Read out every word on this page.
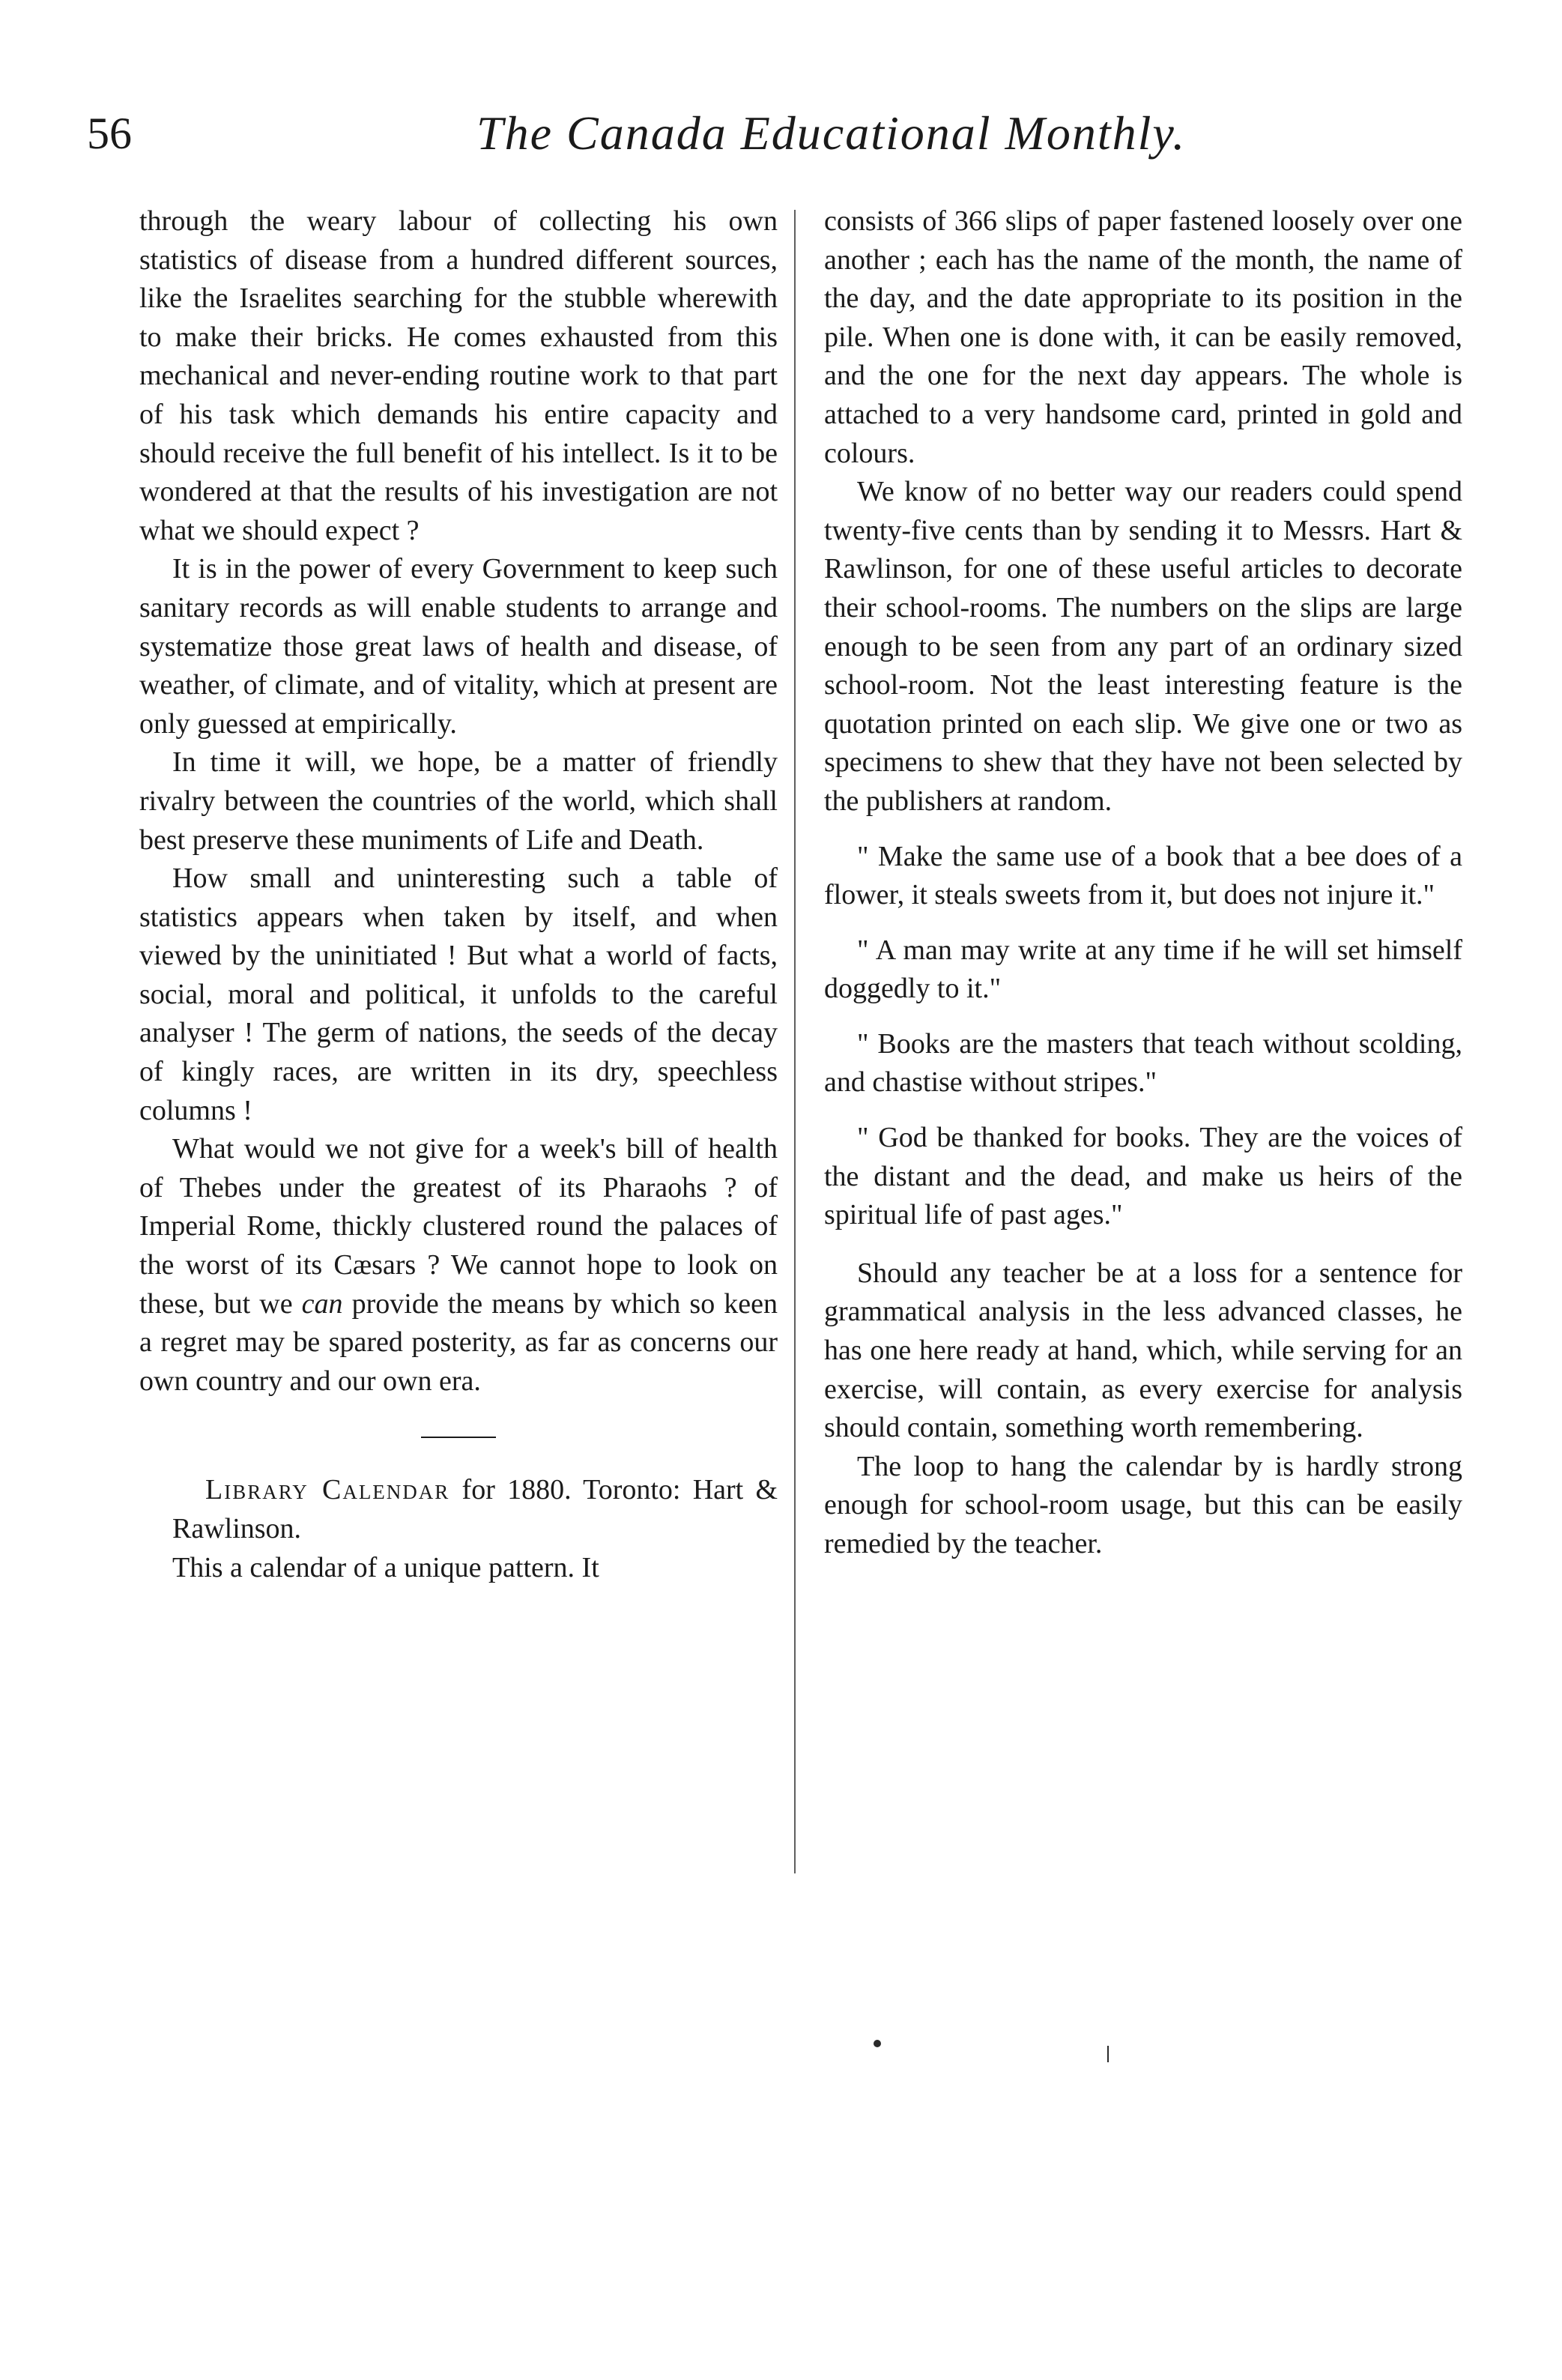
56	The Canada Educational Monthly.

through the weary labour of collecting his own statistics of disease from a hundred different sources, like the Israelites searching for the stubble wherewith to make their bricks. He comes exhausted from this mechanical and never-ending routine work to that part of his task which demands his entire capacity and should receive the full benefit of his intellect. Is it to be wondered at that the results of his investigation are not what we should expect ?

It is in the power of every Government to keep such sanitary records as will enable students to arrange and systematize those great laws of health and disease, of weather, of climate, and of vitality, which at present are only guessed at empirically.

In time it will, we hope, be a matter of friendly rivalry between the countries of the world, which shall best preserve these muniments of Life and Death.

How small and uninteresting such a table of statistics appears when taken by itself, and when viewed by the uninitiated ! But what a world of facts, social, moral and political, it unfolds to the careful analyser ! The germ of nations, the seeds of the decay of kingly races, are written in its dry, speechless columns !

What would we not give for a week's bill of health of Thebes under the greatest of its Pharaohs ? of Imperial Rome, thickly clustered round the palaces of the worst of its Cæsars ? We cannot hope to look on these, but we can provide the means by which so keen a regret may be spared posterity, as far as concerns our own country and our own era.

Library Calendar for 1880. Toronto: Hart & Rawlinson.

This a calendar of a unique pattern. It

consists of 366 slips of paper fastened loosely over one another ; each has the name of the month, the name of the day, and the date appropriate to its position in the pile. When one is done with, it can be easily removed, and the one for the next day appears. The whole is attached to a very handsome card, printed in gold and colours.

We know of no better way our readers could spend twenty-five cents than by sending it to Messrs. Hart & Rawlinson, for one of these useful articles to decorate their school-rooms. The numbers on the slips are large enough to be seen from any part of an ordinary sized school-room. Not the least interesting feature is the quotation printed on each slip. We give one or two as specimens to shew that they have not been selected by the publishers at random.

" Make the same use of a book that a bee does of a flower, it steals sweets from it, but does not injure it."

" A man may write at any time if he will set himself doggedly to it."

" Books are the masters that teach without scolding, and chastise without stripes."

" God be thanked for books. They are the voices of the distant and the dead, and make us heirs of the spiritual life of past ages."

Should any teacher be at a loss for a sentence for grammatical analysis in the less advanced classes, he has one here ready at hand, which, while serving for an exercise, will contain, as every exercise for analysis should contain, something worth remembering.

The loop to hang the calendar by is hardly strong enough for school-room usage, but this can be easily remedied by the teacher.
